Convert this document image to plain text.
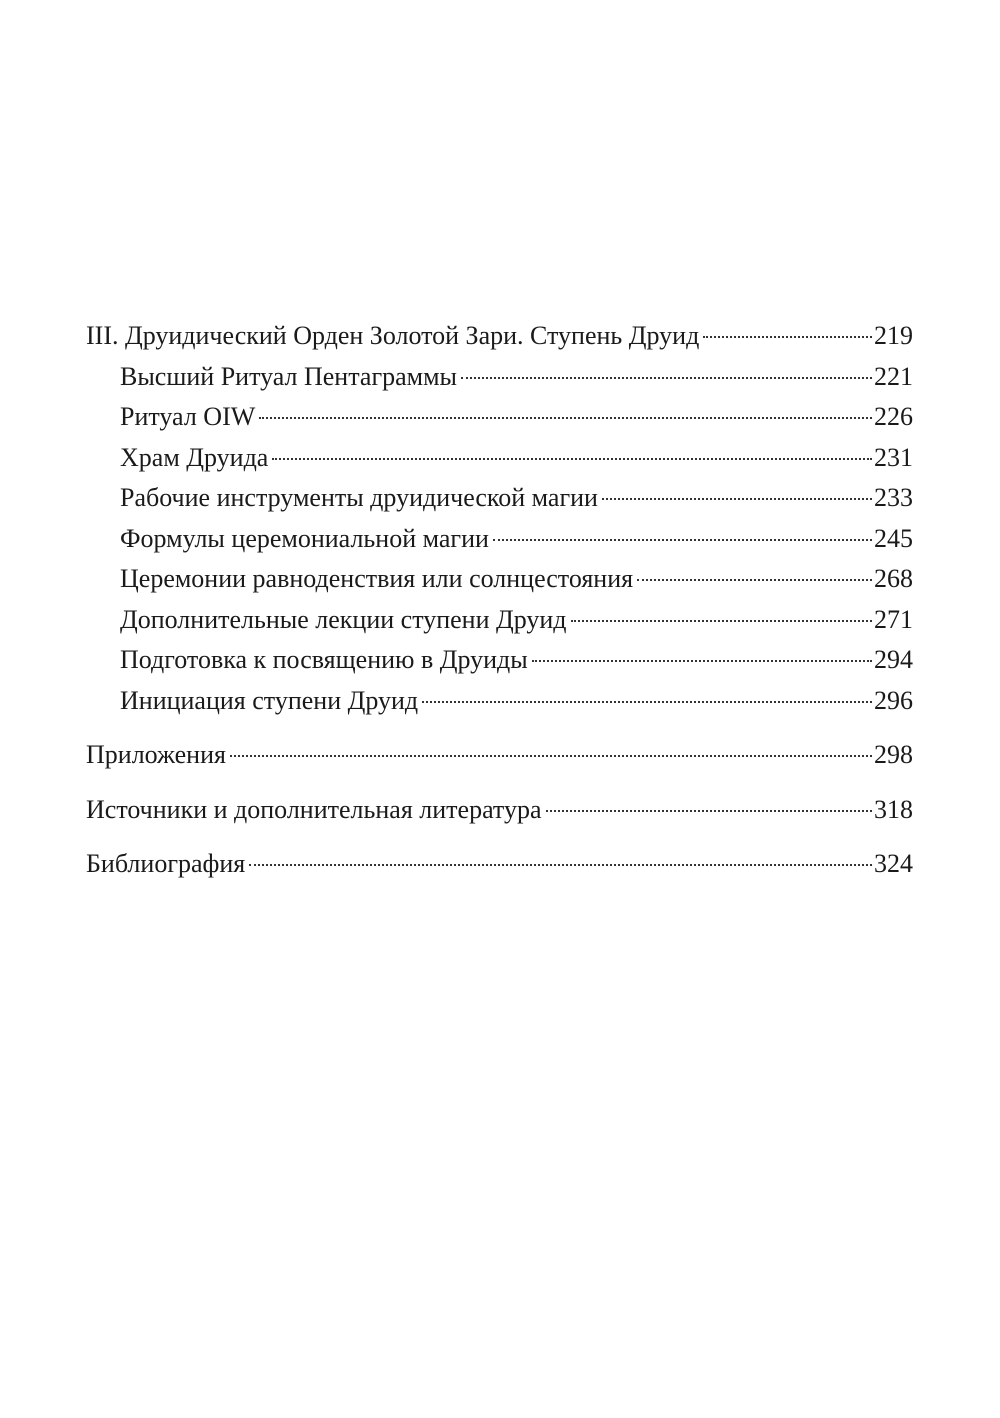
III. Друидический Орден Золотой Зари. Ступень Друид	219
Высший Ритуал Пентаграммы	221
Ритуал OIW	226
Храм Друида	231
Рабочие инструменты друидической магии	233
Формулы церемониальной магии	245
Церемонии равноденствия или солнцестояния	268
Дополнительные лекции ступени Друид	271
Подготовка к посвящению в Друиды	294
Инициация ступени Друид	296
Приложения	298
Источники и дополнительная литература	318
Библиография	324
